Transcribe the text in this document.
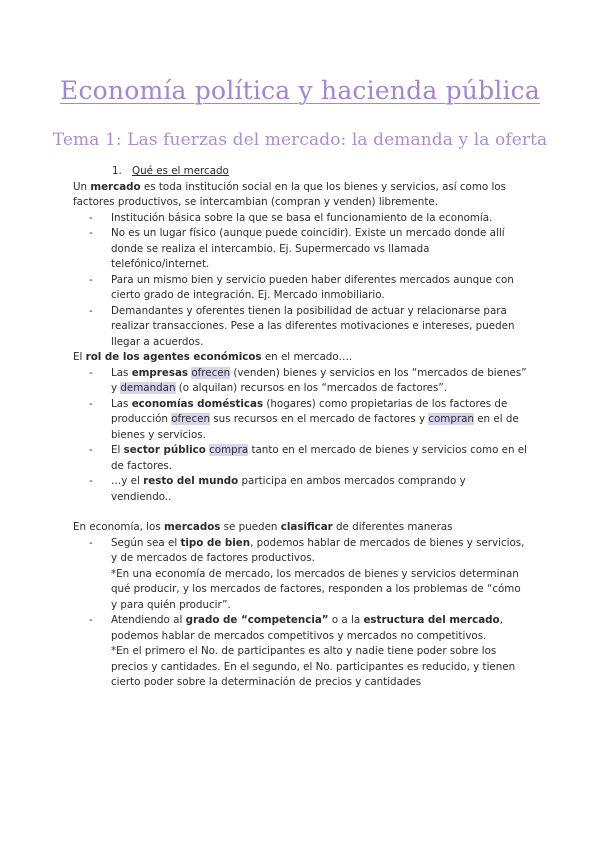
Economía política y hacienda pública
Tema 1: Las fuerzas del mercado: la demanda y la oferta

1. Qué es el mercado

Un mercado es toda institución social en la que los bienes y servicios, así como los factores productivos, se intercambian (compran y venden) libremente.

- Institución básica sobre la que se basa el funcionamiento de la economía.
- No es un lugar físico (aunque puede coincidir). Existe un mercado donde allí donde se realiza el intercambio. Ej. Supermercado vs llamada telefónico/internet.
- Para un mismo bien y servicio pueden haber diferentes mercados aunque con cierto grado de integración. Ej. Mercado inmobiliario.
- Demandantes y oferentes tienen la posibilidad de actuar y relacionarse para realizar transacciones. Pese a las diferentes motivaciones e intereses, pueden llegar a acuerdos.

El rol de los agentes económicos en el mercado….

- Las empresas ofrecen (venden) bienes y servicios en los “mercados de bienes” y demandan (o alquilan) recursos en los “mercados de factores”.
- Las economías domésticas (hogares) como propietarias de los factores de producción ofrecen sus recursos en el mercado de factores y compran en el de bienes y servicios.
- El sector público compra tanto en el mercado de bienes y servicios como en el de factores.
- …y el resto del mundo participa en ambos mercados comprando y vendiendo..

En economía, los mercados se pueden clasificar de diferentes maneras

- Según sea el tipo de bien, podemos hablar de mercados de bienes y servicios, y de mercados de factores productivos.
*En una economía de mercado, los mercados de bienes y servicios determinan qué producir, y los mercados de factores, responden a los problemas de “cómo y para quién producir”.
- Atendiendo al grado de “competencia” o a la estructura del mercado, podemos hablar de mercados competitivos y mercados no competitivos.
*En el primero el No. de participantes es alto y nadie tiene poder sobre los precios y cantidades. En el segundo, el No. participantes es reducido, y tienen cierto poder sobre la determinación de precios y cantidades
